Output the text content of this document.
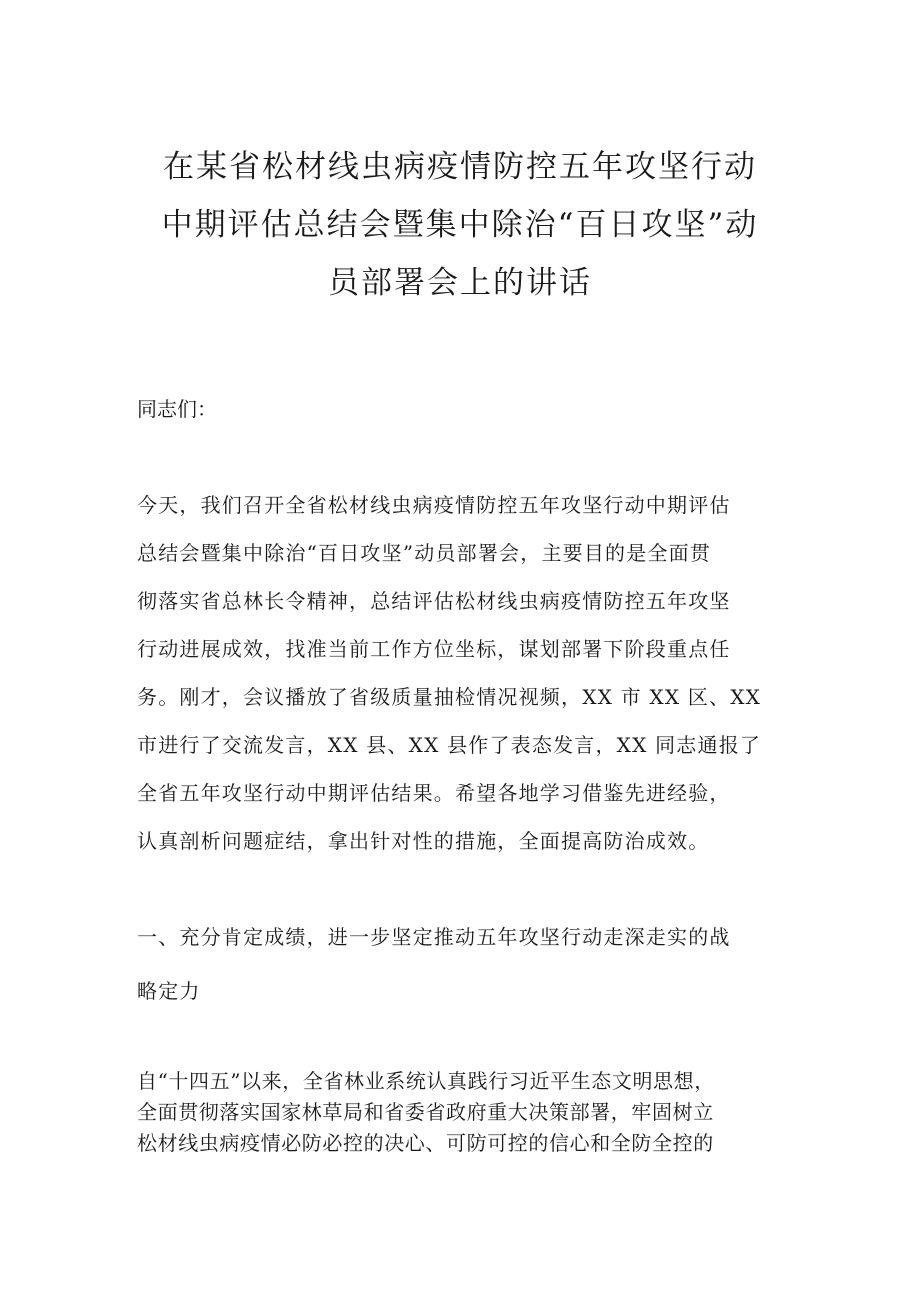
在某省松材线虫病疫情防控五年攻坚行动
中期评估总结会暨集中除治“百日攻坚”动
员部署会上的讲话

同志们：

今天，我们召开全省松材线虫病疫情防控五年攻坚行动中期评估
总结会暨集中除治“百日攻坚”动员部署会，主要目的是全面贯
彻落实省总林长令精神，总结评估松材线虫病疫情防控五年攻坚
行动进展成效，找准当前工作方位坐标，谋划部署下阶段重点任
务。刚才，会议播放了省级质量抽检情况视频，XX 市 XX 区、XX
市进行了交流发言，XX 县、XX 县作了表态发言，XX 同志通报了
全省五年攻坚行动中期评估结果。希望各地学习借鉴先进经验，
认真剖析问题症结，拿出针对性的措施，全面提高防治成效。

一、充分肯定成绩，进一步坚定推动五年攻坚行动走深走实的战
略定力

自“十四五”以来，全省林业系统认真践行习近平生态文明思想，
全面贯彻落实国家林草局和省委省政府重大决策部署，牢固树立
松材线虫病疫情必防必控的决心、可防可控的信心和全防全控的
